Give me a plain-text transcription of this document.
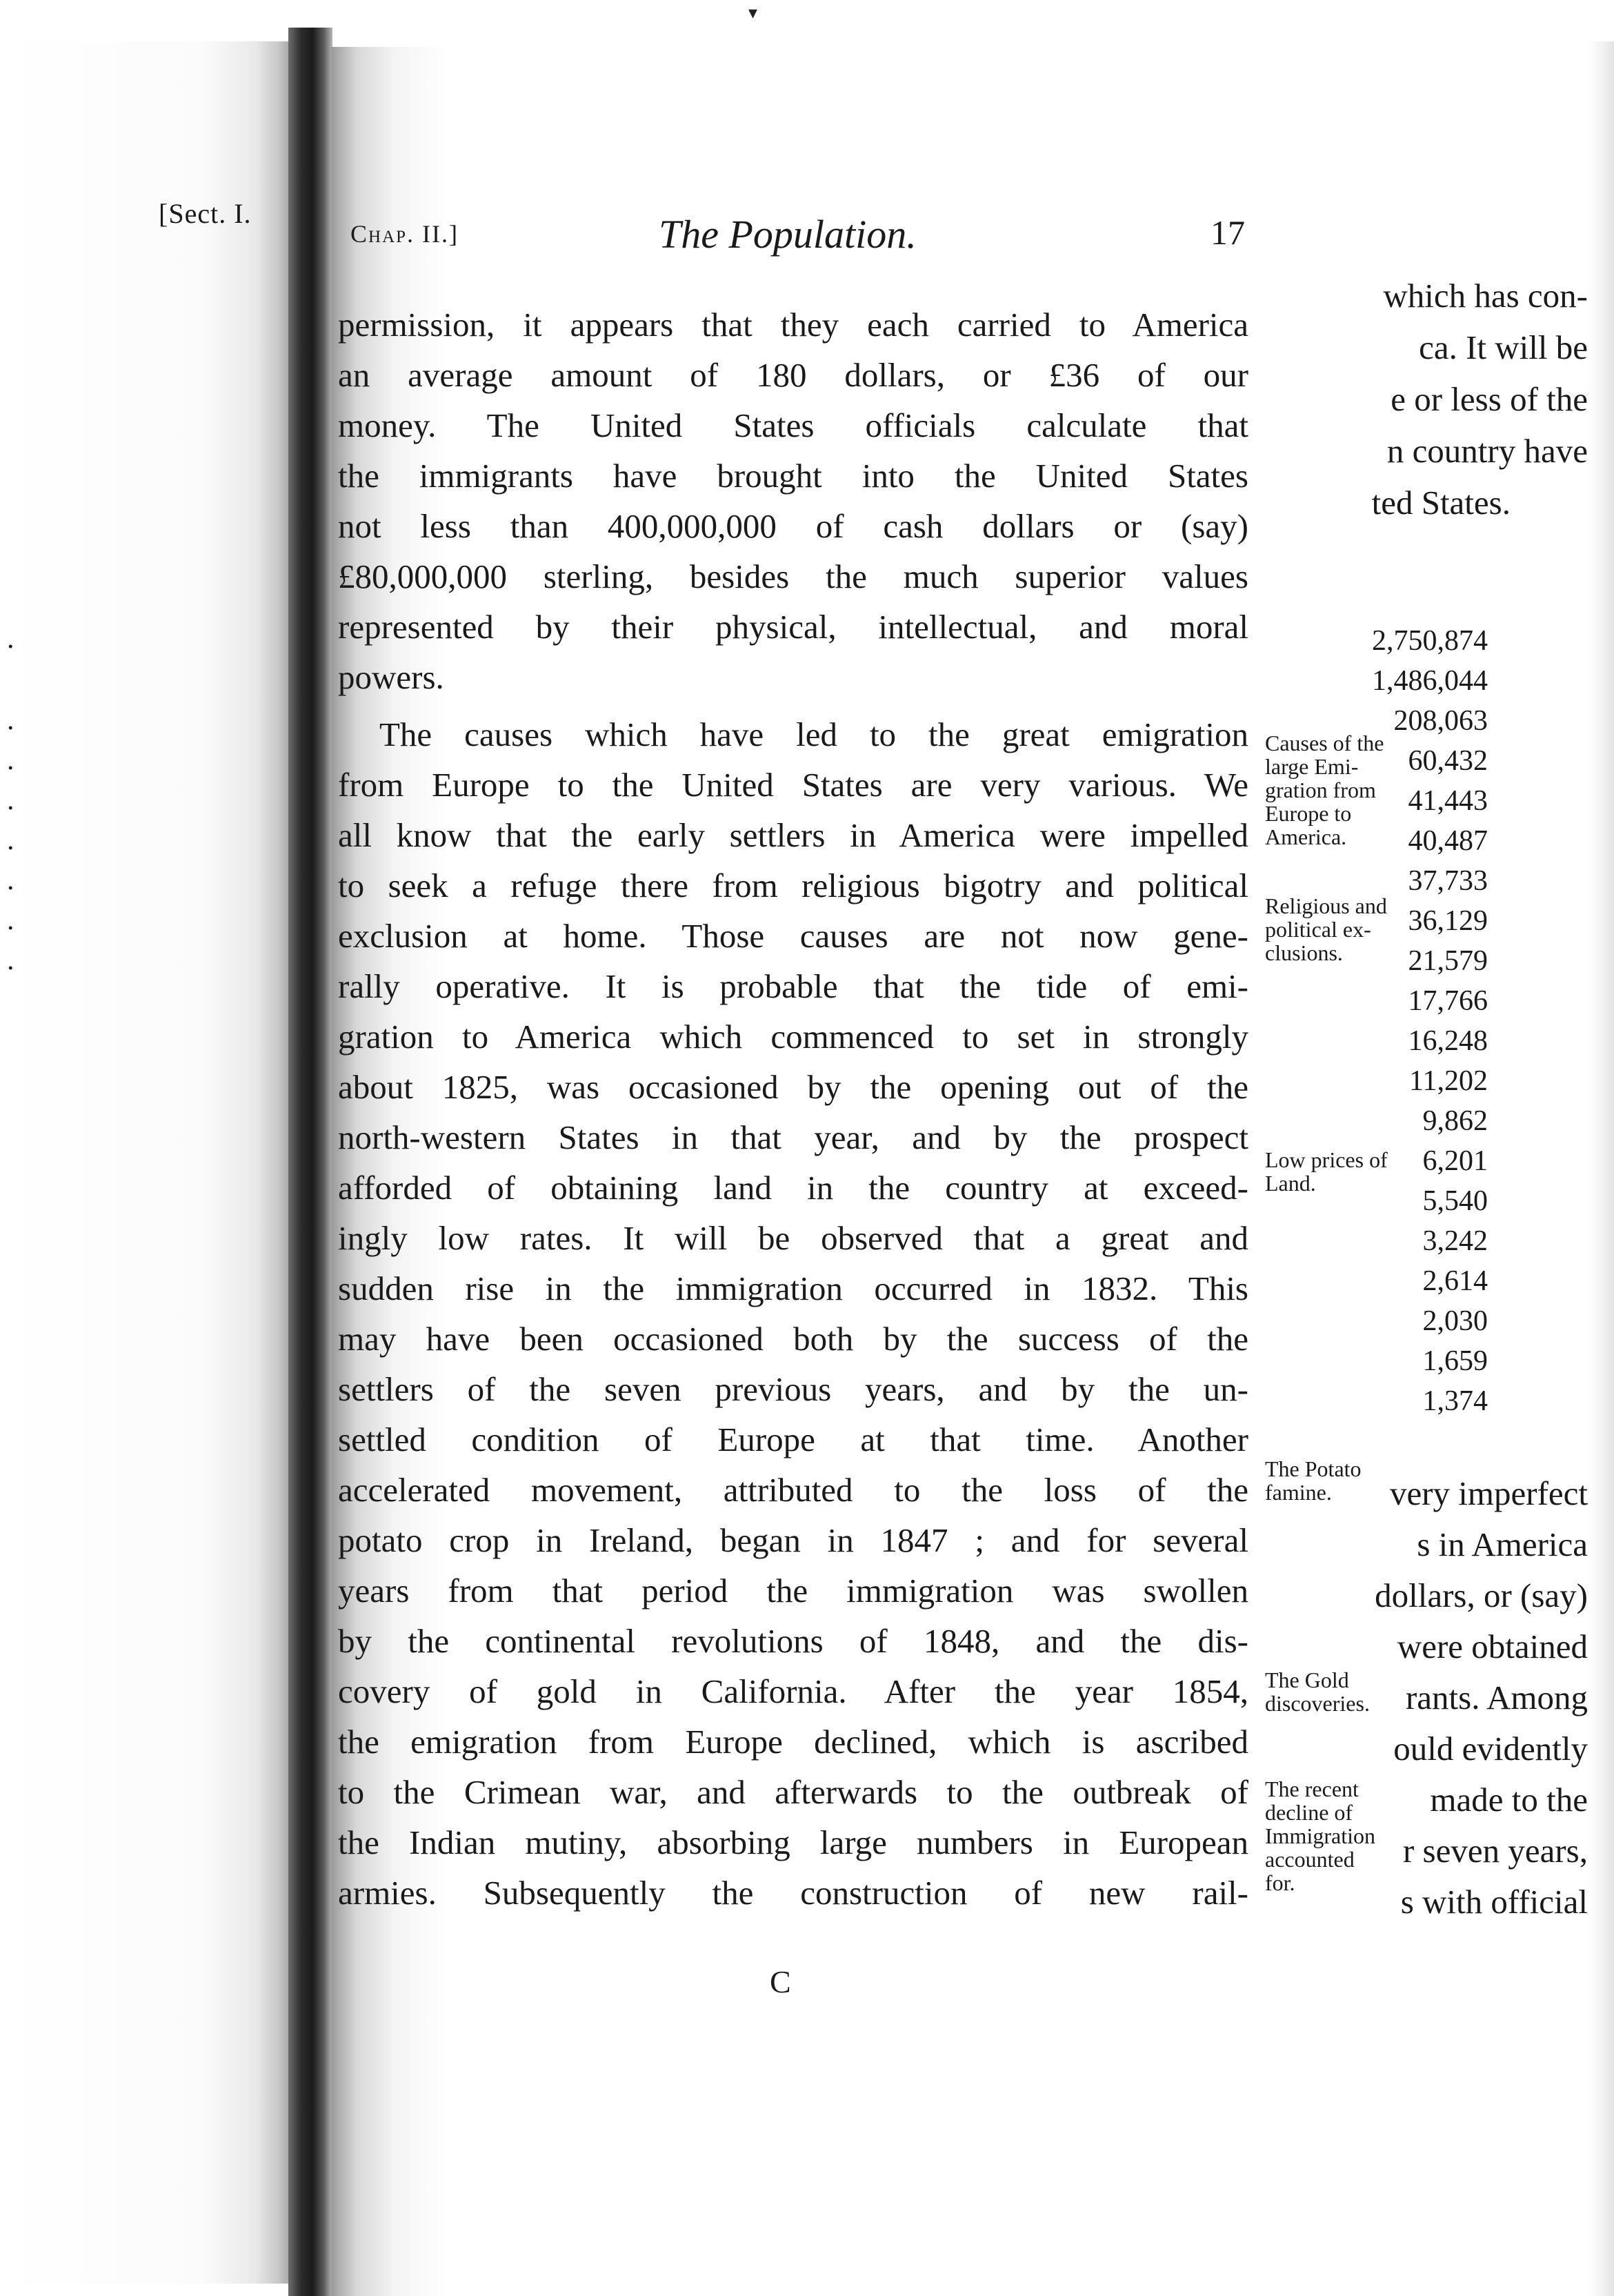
▾
[Sect. I.
which has con-
ca. It will be
e or less of the
n country have
ted States.
.
.
.
.
.
.
.
.
2,750,874
1,486,044
208,063
60,432
41,443
40,487
37,733
36,129
21,579
17,766
16,248
11,202
9,862
6,201
5,540
3,242
2,614
2,030
1,659
1,374
very imperfect
s in America
dollars, or (say)
were obtained
rants. Among
ould evidently
made to the
r seven years,
s with official
Chap. II.]	The Population.	17
permission, it appears that they each carried to America
an average amount of 180 dollars, or £36 of our
money. The United States officials calculate that
the immigrants have brought into the United States
not less than 400,000,000 of cash dollars or (say)
£80,000,000 sterling, besides the much superior values
represented by their physical, intellectual, and moral
powers.
The causes which have led to the great emigration
from Europe to the United States are very various. We
all know that the early settlers in America were impelled
to seek a refuge there from religious bigotry and political
exclusion at home. Those causes are not now gene-
rally operative. It is probable that the tide of emi-
gration to America which commenced to set in strongly
about 1825, was occasioned by the opening out of the
north-western States in that year, and by the prospect
afforded of obtaining land in the country at exceed-
ingly low rates. It will be observed that a great and
sudden rise in the immigration occurred in 1832. This
may have been occasioned both by the success of the
settlers of the seven previous years, and by the un-
settled condition of Europe at that time. Another
accelerated movement, attributed to the loss of the
potato crop in Ireland, began in 1847 ; and for several
years from that period the immigration was swollen
by the continental revolutions of 1848, and the dis-
covery of gold in California. After the year 1854,
the emigration from Europe declined, which is ascribed
to the Crimean war, and afterwards to the outbreak of
the Indian mutiny, absorbing large numbers in European
armies. Subsequently the construction of new rail-
Causes of the
large Emi-
gration from
Europe to
America.
Religious and
political ex-
clusions.
Low prices of
Land.
The Potato
famine.
The Gold
discoveries.
The recent
decline of
Immigration
accounted
for.
C
